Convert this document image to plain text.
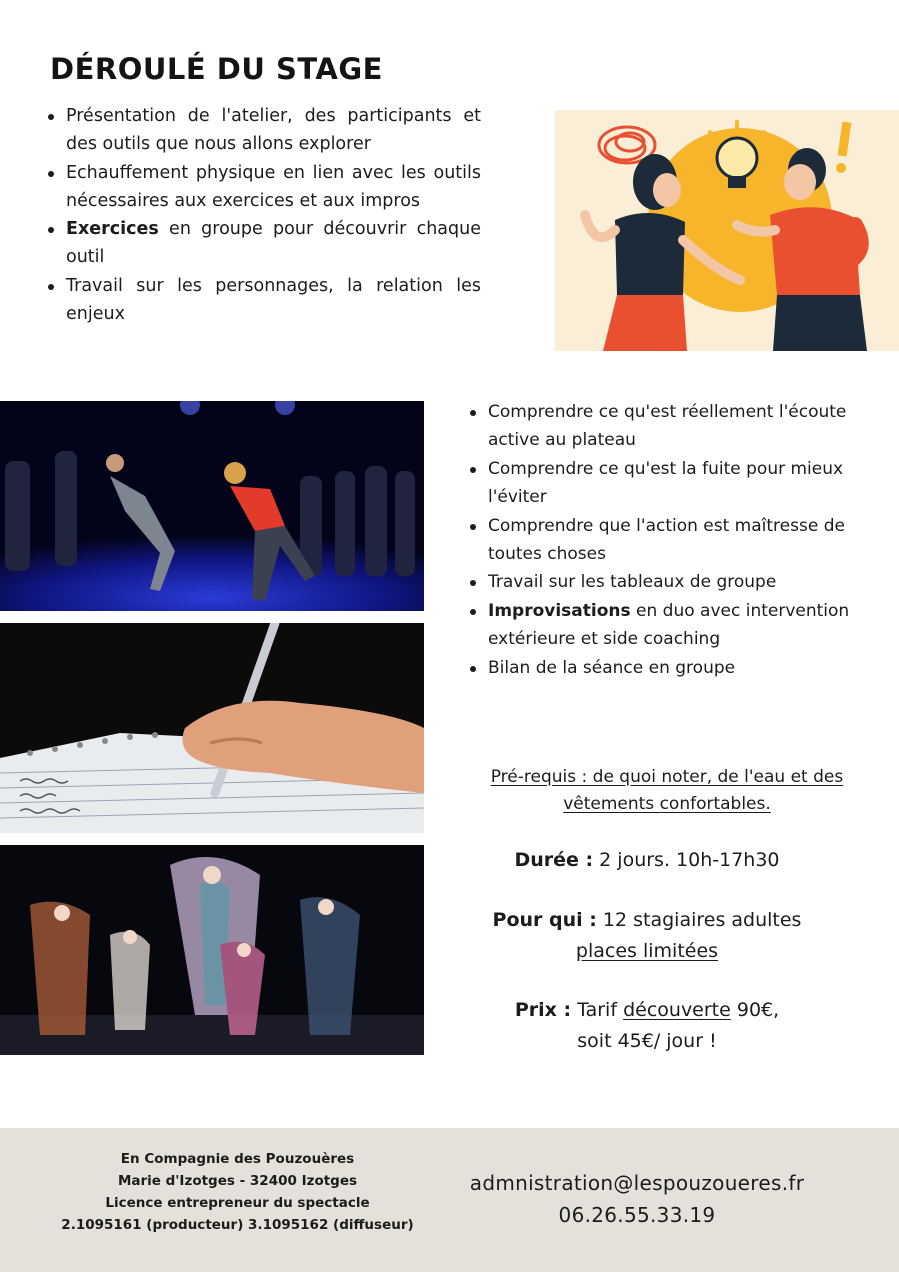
DÉROULÉ DU STAGE
Présentation de l'atelier, des participants et des outils que nous allons explorer
Echauffement physique en lien avec les outils nécessaires aux exercices et aux impros
Exercices en groupe pour découvrir chaque outil
Travail sur les personnages, la relation les enjeux
Comprendre ce qu'est réellement l'écoute active au plateau
Comprendre ce qu'est la fuite pour mieux l'éviter
Comprendre que l'action est maîtresse de toutes choses
Travail sur les tableaux de groupe
Improvisations en duo avec intervention extérieure et side coaching
Bilan de la séance en groupe
Pré-requis : de quoi noter, de l'eau et des vêtements confortables.
Durée : 2 jours. 10h-17h30
Pour qui : 12 stagiaires adultes
places limitées
Prix : Tarif découverte 90€,
soit 45€/ jour !
En Compagnie des Pouzouères
Marie d'Izotges - 32400 Izotges
Licence entrepreneur du spectacle
2.1095161 (producteur) 3.1095162 (diffuseur)
admnistration@lespouzoueres.fr
06.26.55.33.19
